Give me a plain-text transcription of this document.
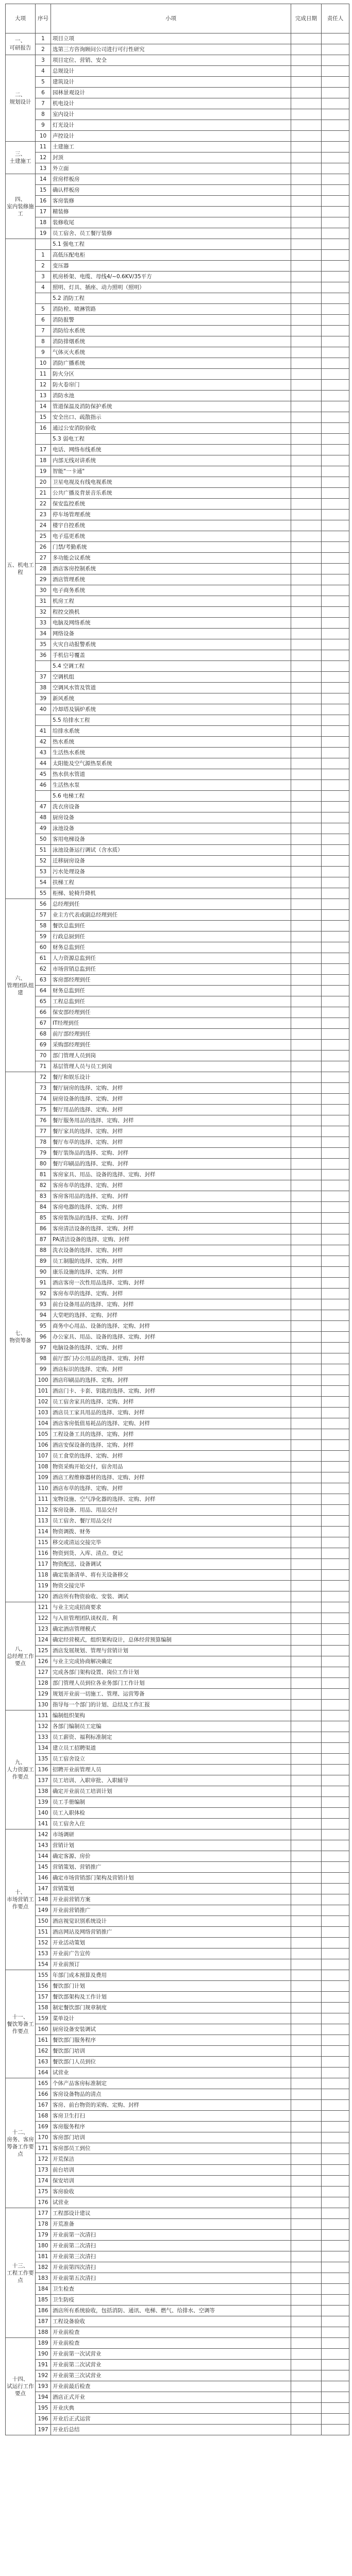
大项	序号	小项	完成日期	责任人
一、
可研报告	1	项目立项		
	2	选第三方咨询顾问公司进行可行性研究		
二、
规划设计	3	项目定位、营销、安全		
	4	总规设计		
	5	建筑设计		
	6	园林景观设计		
	7	机电设计		
	8	室内设计		
	9	灯光设计		
	10	声控设计		
三、
土建施工	11	土建施工		
	12	封顶		
	13	外立面		
四、
室内装修施工	14	营房样板房		
	15	确认样板房		
	16	客房装修		
	17	精装修		
	18	装修收尾		
	19	员工宿舍、员工餐厅装修		
五、机电工程		5.1 强电工程		
	1	高低压配电柜		
	2	变压器		
	3	机房桥架、电缆、母线4/~0.6KV/35平方		
	4	照明、灯具、插座、动力照明（照明）		
		5.2 消防工程		
	5	消防栓、喷淋管路		
	6	消防报警		
	7	消防给水系统		
	8	消防排烟系统		
	9	气体灭火系统		
	10	消防广播系统		
	11	防火分区		
	12	防火卷帘门		
	13	消防水池		
	14	管道保温及消防保护系统		
	15	安全出口、疏散指示		
	16	通过公安消防验收		
		5.3 弱电工程		
	17	电话、网络布线系统		
	18	内部无线对讲系统		
	19	智能"一卡通"		
	20	卫星电视及有线电视系统		
	21	公共广播及背景音乐系统		
	22	保安监控系统		
	23	停车场管理系统		
	24	楼宇自控系统		
	25	电子巡更系统		
	26	门禁/考勤系统		
	27	多功能会议系统		
	28	酒店客房控制系统		
	29	酒店管理系统		
	30	电子商务系统		
	31	机房工程		
	32	程控交换机		
	33	电脑及网络系统		
	34	网络设备		
	35	火灾自动报警系统		
	36	手机信号覆盖		
		5.4 空调工程		
	37	空调机组		
	38	空调风水管及管道		
	39	新风系统		
	40	冷却塔及锅炉系统		
		5.5 给排水工程		
	41	给排水系统		
	42	热水系统		
	43	生活热水系统		
	44	太阳能及空气源热泵系统		
	45	热水供水管道		
	46	生活热水泵		
		5.6 电梯工程		
	47	洗衣房设备		
	48	厨房设备		
	49	泳池设备		
	50	客用电梯设备		
	51	泳池设备运行调试（含水质）		
	52	迁移厨房设备		
	53	污水处理设备		
	54	扶梯工程		
	55	柜梯、轮椅升降机		
六、
管理团队组建	56	总经理到任		
	57	业主方代表或副总经理到任		
	58	餐饮总监到任		
	59	行政总厨到任		
	60	财务总监到任		
	61	人力资源总监到任		
	62	市场营销总监到任		
	63	客房部经理到任		
	64	财务总监到任		
	65	工程总监到任		
	66	保安部经理到任		
	67	IT经理到任		
	68	前厅部经理到任		
	69	采购部经理到任		
	70	部门管理人员到岗		
	71	基层管理人员与员工到岗		
七、
物资筹备	72	餐厅和娱乐设计		
	73	餐厅厨房的选择、定购、封样		
	74	厨房设备的选择、定购、封样		
	75	餐厅用品的选择、定购、封样		
	76	餐厅服务用品的选择、定购、封样		
	77	餐厅家具的选择、定购、封样		
	78	餐厅布草的选择、定购、封样		
	79	餐厅装饰品的选择、定购、封样		
	80	餐厅印刷品的选择、定购、封样		
	81	客房家具、用品、设备的选择、定购、封样		
	82	客房布草的选择、定购、封样		
	83	客房客用品的选择、定购、封样		
	84	客房电器的选择、定购、封样		
	85	客房装饰品的选择、定购、封样		
	86	客房清洁设备的选择、定购、封样		
	87	PA清洁设备的选择、定购、封样		
	88	洗衣设备的选择、定购、封样		
	89	员工制服的选择、定购、封样		
	90	康乐设施的选择、定购、封样		
	91	酒店客房一次性用品选择、定购、封样		
	92	客房布草的选择、定购、封样		
	93	前台设备用品的选择、定购、封样		
	94	大堂吧的选择、定购、封样		
	95	商务中心用品、设备的选择、定购、封样		
	96	办公家具、用品、设备的选择、定购、封样		
	97	电脑设备的选择、定购、封样		
	98	前厅部门办公用品的选择、定购、封样		
	99	酒店标识的选择、定购、封样		
	100	酒店印刷品的选择、定购、封样		
	101	酒店门卡、卡套、钥匙的选择、定购、封样		
	102	员工宿舍家具的选择、定购、封样		
	103	酒店员工家具用品的选择、定购、封样		
	104	酒店客房低值易耗品的选择、定购、封样		
	105	工程设备工具的选择、定购、封样		
	106	酒店安保设备的选择、定购、封样		
	107	员工食堂的选择、定购、封样		
	108	物资采购开始交付，宿舍用品		
	109	酒店工程维修器材的选择、定购、封样		
	110	酒店布草的选择、定购、封样		
	111	宠物设施、空气净化器的选择、定购、封样		
	112	客房设备、用品、用品交付		
	113	员工宿舍、餐厅用品交付		
	114	物资调拨、财务		
	115	移交或清运交接完毕		
	116	物资到货、入库、清点、登记		
	117	物资配送、设备调试		
	118	确定装备清单、将有关设备移交		
	119	物资交接完毕		
	120	酒店所有物资验收、安装、调试		
八、
总经理工作要点	121	与业主完成招商要求		
	122	与入驻管理团队谈权责、利		
	123	确定酒店管理模式		
	124	确定经营模式，组织架构设计，总体经营预算编制		
	125	酒店发展规划、管理与营销计划		
	126	与业主完成协商解决确定		
	127	完成各部门架构设置、岗位工作计划		
	128	部门管理人员到位各业务部门工作计划		
	129	规划开业前一切施工、管理、运营筹备		
	130	指导每一个部门的计划、总结及工作汇报		
九、
人力资源工作要点	131	编制组织架构		
	132	各部门编制员工定编		
	133	员工薪资、福利标准制定		
	134	建立员工招聘渠道		
	135	员工宿舍设立		
	136	招聘开业前管理人员		
	137	员工培训、入职审批、入职辅导		
	138	确定开业前员工培训计划		
	139	员工手册编制		
	140	员工入职体检		
	141	员工宿舍入住		
十、
市场营销工作要点	142	市场调研		
	143	营销计划		
	144	确定客源、房价		
	145	营销策划、营销推广		
	146	确定市场营销部门架构及营销计划		
	147	营销策划		
	148	开业前营销方案		
	149	开业前营销推广		
	150	酒店视觉识别系统设计		
	151	酒店网站及网络营销推广		
	152	开业活动策划		
	153	开业前广告宣传		
	154	开业前预订		
十一、
餐饮筹备工作要点	155	年部门成本预算及费用		
	156	餐饮部门计划		
	157	餐饮部架构及工作计划		
	158	制定餐饮部门规章制度		
	159	菜单设计		
	160	厨房设备安装调试		
	161	餐饮部门服务程序		
	162	餐饮部门培训		
	163	餐饮部门人员到位		
	164	试营业		
十二、
房务、客房筹备工作要点	165	个体产品客房标准制定		
	166	客房设备物品的清点		
	167	客房、前台物资的采购、定购、封样		
	168	客房卫生打扫		
	169	客房服务程序		
	170	客房部门培训		
	171	客房部员工到位		
	172	开荒保洁		
	173	前台培训		
	174	保安培训		
	175	客房验收		
	176	试营业		
十三、
工程工作要点	177	工程部设计建议		
	178	开荒准备		
	179	开业前第一次清扫		
	180	开业前第二次清扫		
	181	开业前第三次清扫		
	182	开业前第四次清扫		
	183	开业前第五次清扫		
	184	卫生检查		
	185	卫生防疫		
	186	酒店所有系统验收，包括消防、通讯、电梯、燃气、给排水、空调等		
	187	工程设备验收		
	188	开业前检查		
十四、
试运行工作要点	189	开业前检查		
	190	开业前第一次试营业		
	191	开业前第二次试营业		
	192	开业前第三次试营业		
	193	开业前最后检查		
	194	酒店正式开业		
	195	开业庆典		
	196	开业后正式运营		
	197	开业后总结		
